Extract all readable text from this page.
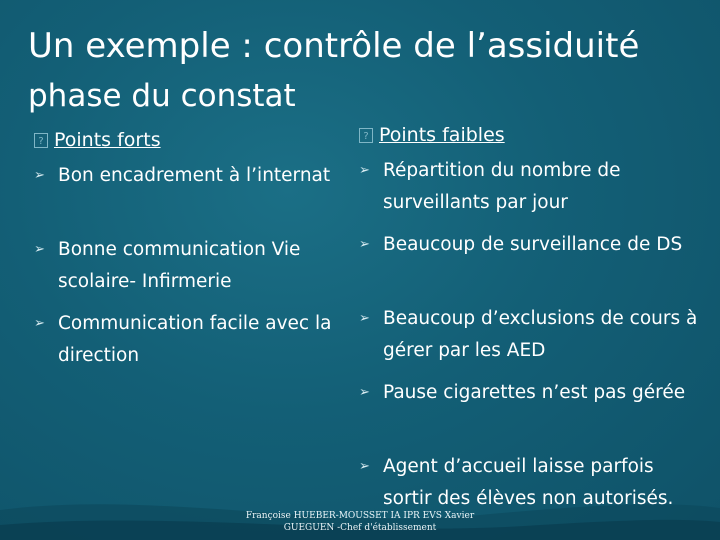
Un exemple : contrôle de l’assiduité
phase du constat
? Points forts
➢ Bon encadrement à l’internat
➢ Bonne communication Vie scolaire- Infirmerie
➢ Communication facile avec la direction
? Points faibles
➢ Répartition du nombre de surveillants par jour
➢ Beaucoup de surveillance de DS
➢ Beaucoup d’exclusions de cours à gérer par les AED
➢ Pause cigarettes n’est pas gérée
➢ Agent d’accueil laisse parfois sortir des élèves non autorisés.
Françoise HUEBER-MOUSSET IA IPR EVS Xavier
GUEGUEN -Chef d'établissement
